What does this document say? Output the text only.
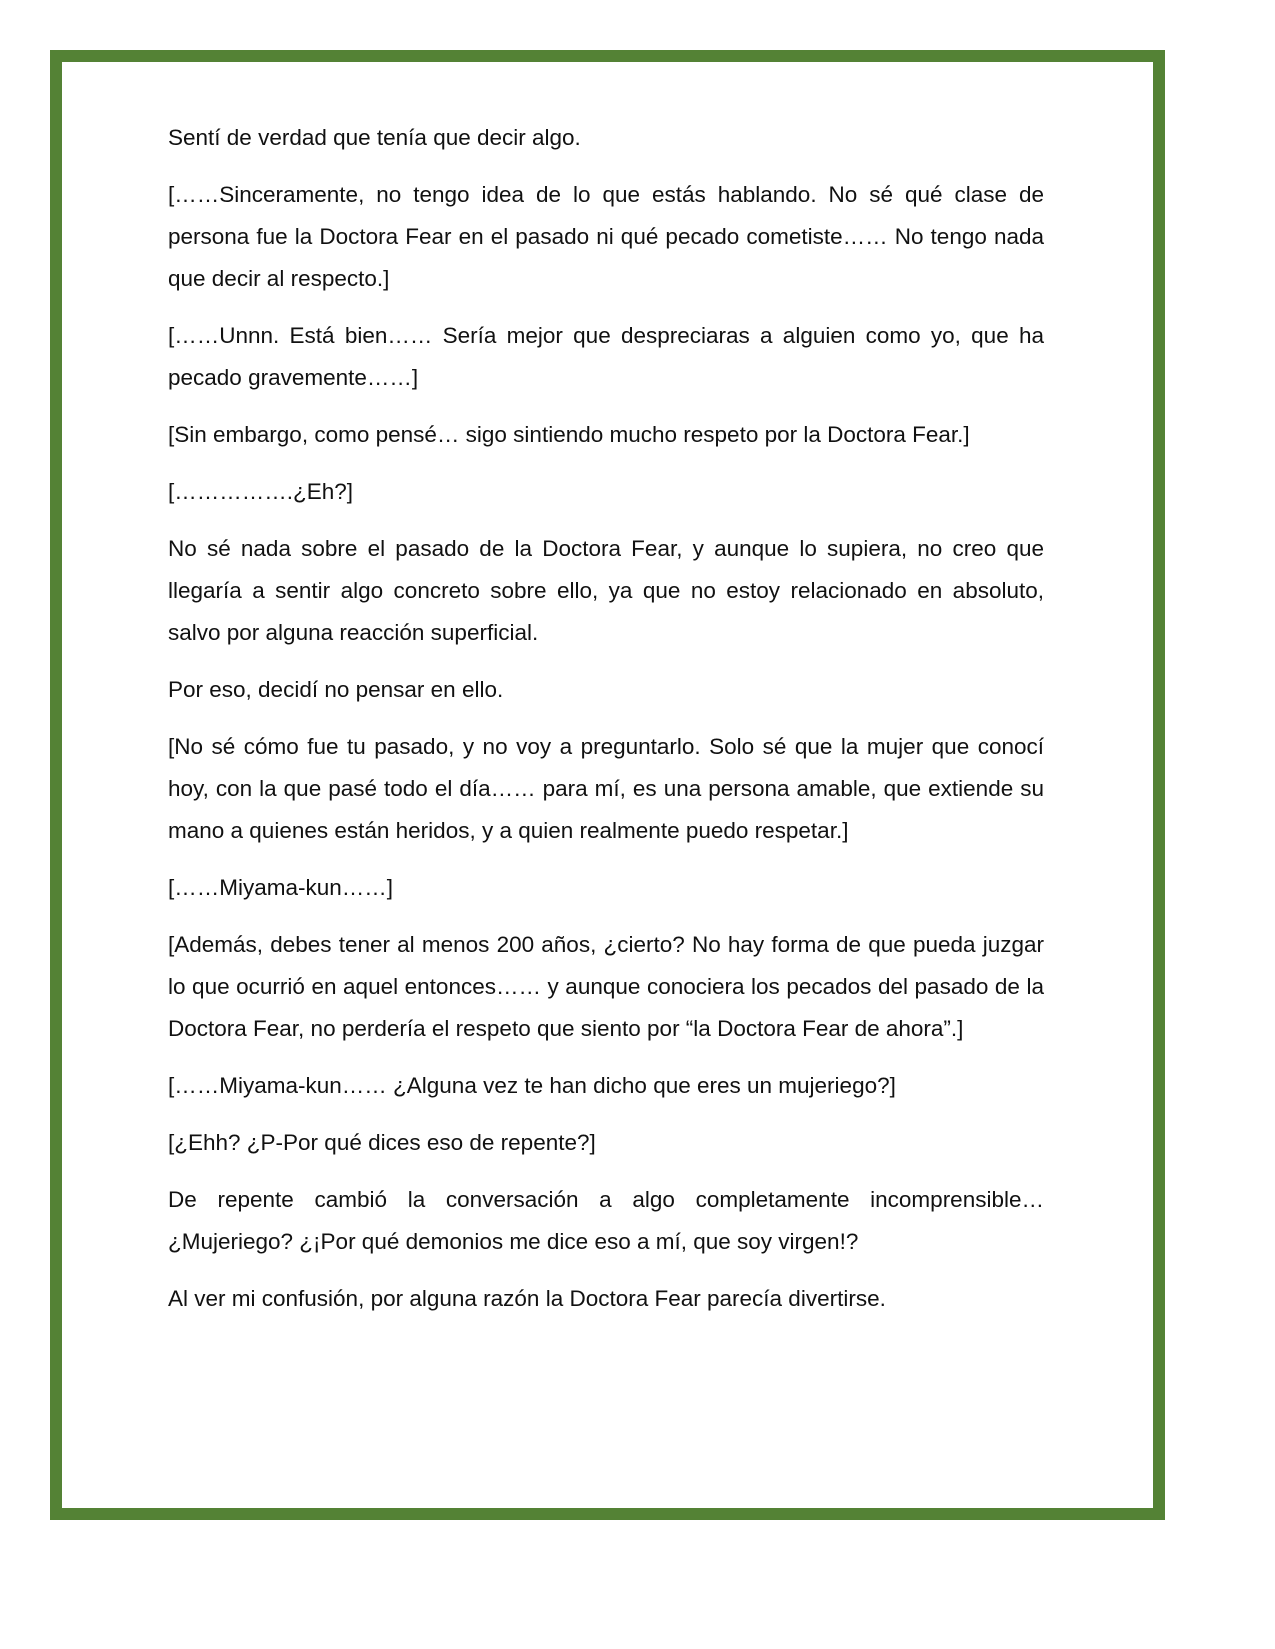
Sentí de verdad que tenía que decir algo.

[……Sinceramente, no tengo idea de lo que estás hablando. No sé qué clase de persona fue la Doctora Fear en el pasado ni qué pecado cometiste…… No tengo nada que decir al respecto.]

[……Unnn. Está bien…… Sería mejor que despreciaras a alguien como yo, que ha pecado gravemente……]

[Sin embargo, como pensé… sigo sintiendo mucho respeto por la Doctora Fear.]

[…………….¿Eh?]

No sé nada sobre el pasado de la Doctora Fear, y aunque lo supiera, no creo que llegaría a sentir algo concreto sobre ello, ya que no estoy relacionado en absoluto, salvo por alguna reacción superficial.

Por eso, decidí no pensar en ello.

[No sé cómo fue tu pasado, y no voy a preguntarlo. Solo sé que la mujer que conocí hoy, con la que pasé todo el día…… para mí, es una persona amable, que extiende su mano a quienes están heridos, y a quien realmente puedo respetar.]

[……Miyama-kun……]

[Además, debes tener al menos 200 años, ¿cierto? No hay forma de que pueda juzgar lo que ocurrió en aquel entonces…… y aunque conociera los pecados del pasado de la Doctora Fear, no perdería el respeto que siento por “la Doctora Fear de ahora”.]

[……Miyama-kun…… ¿Alguna vez te han dicho que eres un mujeriego?]

[¿Ehh? ¿P-Por qué dices eso de repente?]

De repente cambió la conversación a algo completamente incomprensible… ¿Mujeriego? ¿¡Por qué demonios me dice eso a mí, que soy virgen!?

Al ver mi confusión, por alguna razón la Doctora Fear parecía divertirse.
